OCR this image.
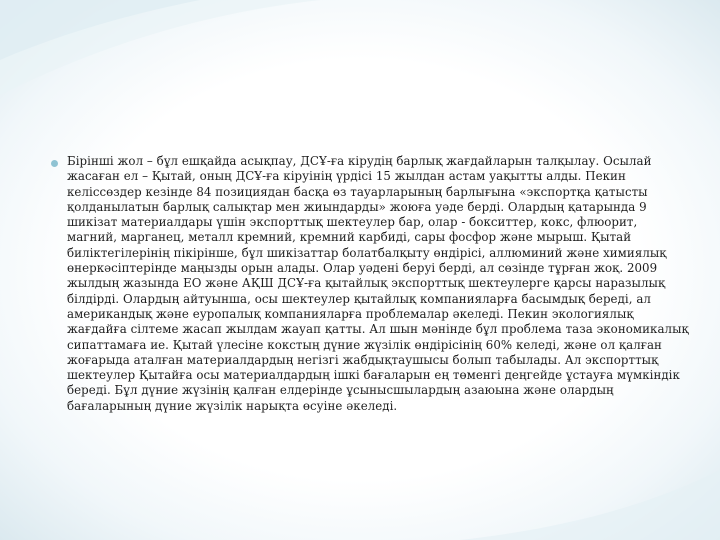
Бірінші жол – бұл ешқайда асықпау, ДСҰ-ға кірудің барлық жағдайларын талқылау. Осылай жасаған ел – Қытай, оның ДСҰ-ға кіруінің үрдісі 15 жылдан астам уақытты алды. Пекин келіссөздер кезінде 84 позициядан басқа өз тауарларының барлығына «экспортқа қатысты қолданылатын барлық салықтар мен жиындарды» жоюға уәде берді. Олардың қатарында 9 шикізат материалдары үшін экспорттық шектеулер бар, олар - бокситтер, кокс, флюорит, магний, марганец, металл кремний, кремний карбиді, сары фосфор және мырыш. Қытай биліктегілерінің пікірінше, бұл шикізаттар болатбалқыту өндірісі, аллюминий және химиялық өнеркәсіптерінде маңызды орын алады. Олар уәдені беруі берді, ал сөзінде тұрған жоқ. 2009 жылдың жазында ЕО және АҚШ ДСҰ-ға қытайлық экспорттық шектеулерге қарсы наразылық білдірді. Олардың айтуынша, осы шектеулер қытайлық компанияларға басымдық береді, ал американдық және еуропалық компанияларға проблемалар әкеледі. Пекин экологиялық жағдайға сілтеме жасап жылдам жауап қатты. Ал шын мәнінде бұл проблема таза экономикалық сипаттамаға ие. Қытай үлесіне кокстың дүние жүзілік өндірісінің 60% келеді, және ол қалған жоғарыда аталған материалдардың негізгі жабдықтаушысы болып табылады. Ал экспорттық шектеулер Қытайға осы материалдардың ішкі бағаларын ең төменгі деңгейде ұстауға мүмкіндік береді. Бұл дүние жүзінің қалған елдерінде ұсынысшылардың азаюына және олардың бағаларының дүние жүзілік нарықта өсуіне әкеледі.
